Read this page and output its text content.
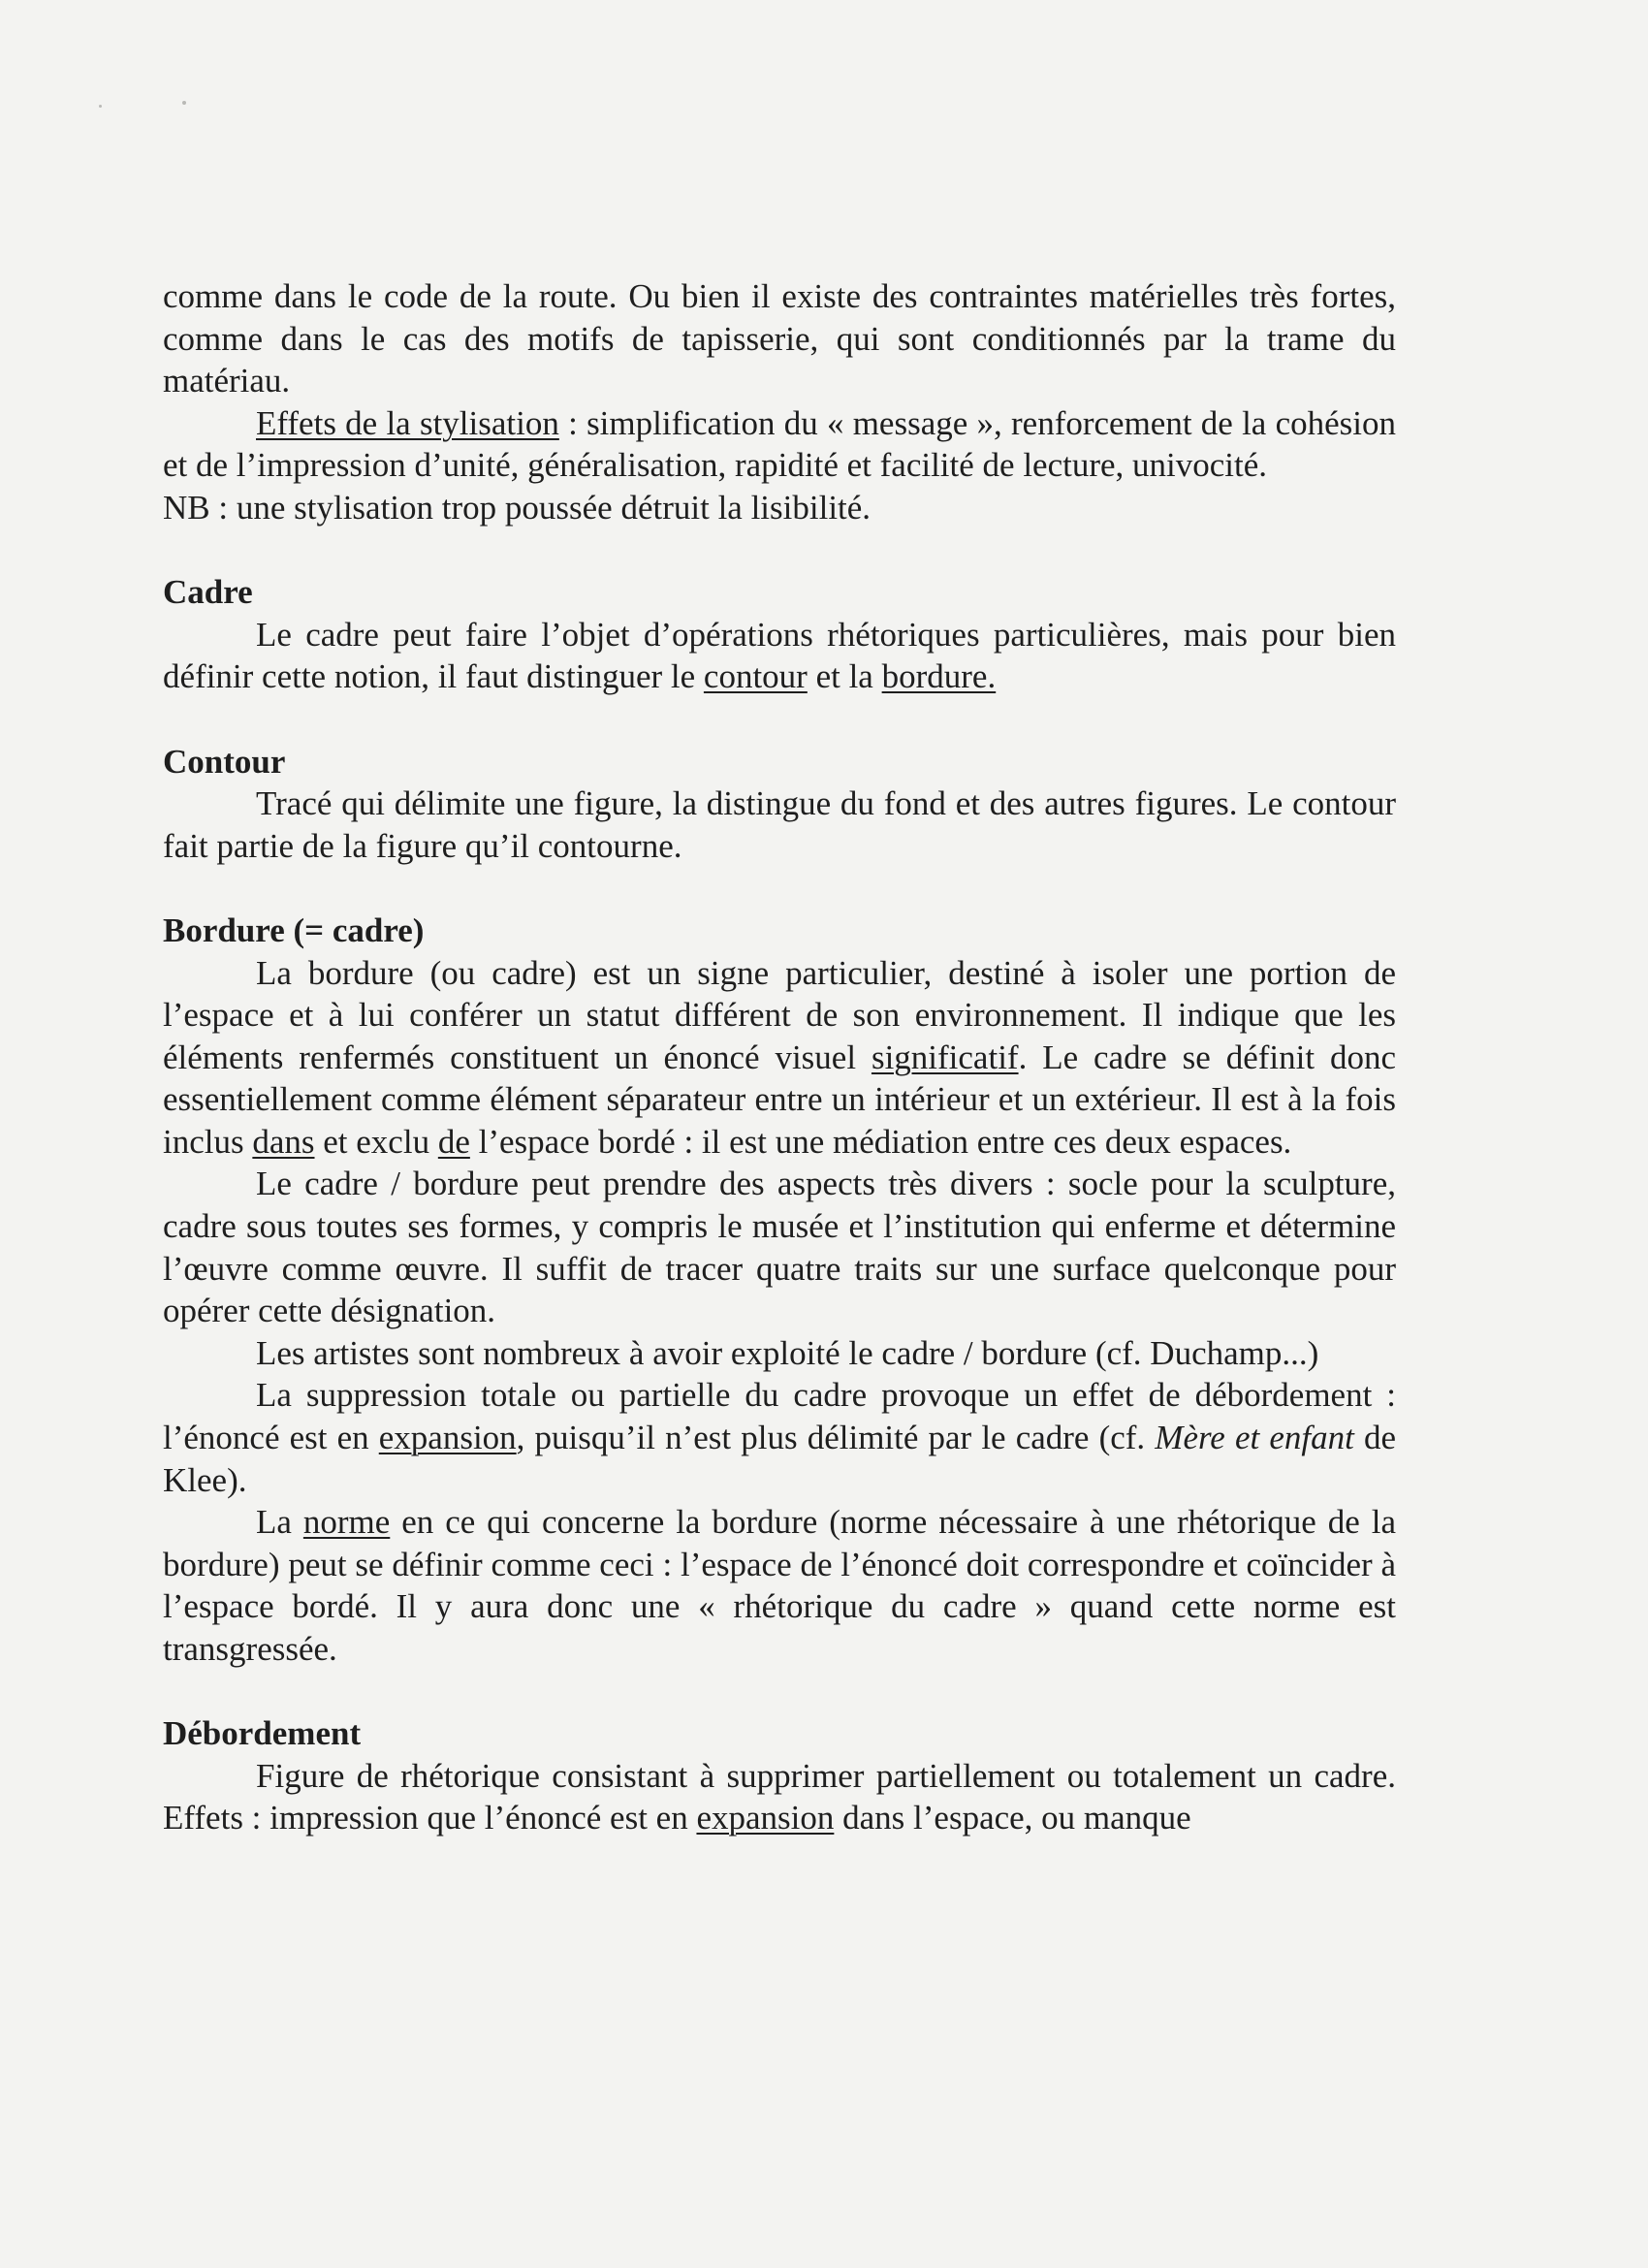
comme dans le code de la route. Ou bien il existe des contraintes matérielles très fortes, comme dans le cas des motifs de tapisserie, qui sont conditionnés par la trame du matériau.

Effets de la stylisation : simplification du « message », renforcement de la cohésion et de l’impression d’unité, généralisation, rapidité et facilité de lecture, univocité.

NB : une stylisation trop poussée détruit la lisibilité.

Cadre

Le cadre peut faire l’objet d’opérations rhétoriques particulières, mais pour bien définir cette notion, il faut distinguer le contour et la bordure.

Contour

Tracé qui délimite une figure, la distingue du fond et des autres figures. Le contour fait partie de la figure qu’il contourne.

Bordure (= cadre)

La bordure (ou cadre) est un signe particulier, destiné à isoler une portion de l’espace et à lui conférer un statut différent de son environnement. Il indique que les éléments renfermés constituent un énoncé visuel significatif. Le cadre se définit donc essentiellement comme élément séparateur entre un intérieur et un extérieur. Il est à la fois inclus dans et exclu de l’espace bordé : il est une médiation entre ces deux espaces.

Le cadre / bordure peut prendre des aspects très divers : socle pour la sculpture, cadre sous toutes ses formes, y compris le musée et l’institution qui enferme et détermine l’œuvre comme œuvre. Il suffit de tracer quatre traits sur une surface quelconque pour opérer cette désignation.

Les artistes sont nombreux à avoir exploité le cadre / bordure (cf. Duchamp...)

La suppression totale ou partielle du cadre provoque un effet de débordement : l’énoncé est en expansion, puisqu’il n’est plus délimité par le cadre (cf. Mère et enfant de Klee).

La norme en ce qui concerne la bordure (norme nécessaire à une rhétorique de la bordure) peut se définir comme ceci : l’espace de l’énoncé doit correspondre et coïncider à l’espace bordé. Il y aura donc une « rhétorique du cadre » quand cette norme est transgressée.

Débordement

Figure de rhétorique consistant à supprimer partiellement ou totalement un cadre. Effets : impression que l’énoncé est en expansion dans l’espace, ou manque
